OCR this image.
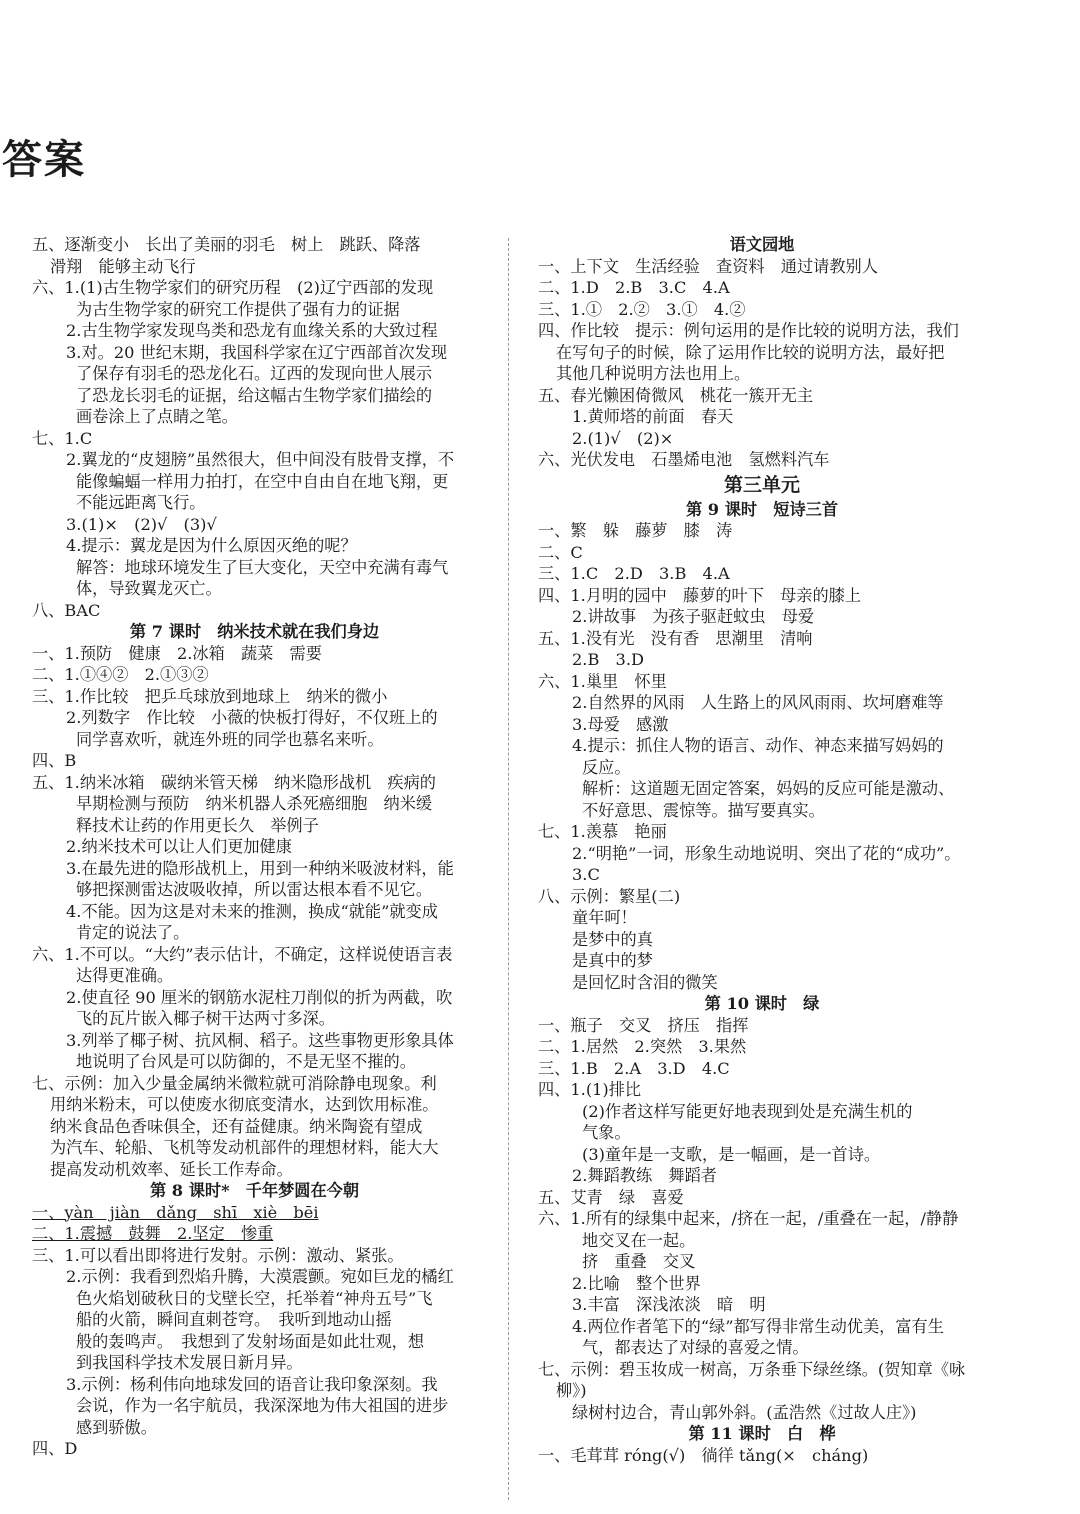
答案
五、逐渐变小　长出了美丽的羽毛　树上　跳跃、降落
滑翔　能够主动飞行
六、1.(1)古生物学家们的研究历程　(2)辽宁西部的发现
为古生物学家的研究工作提供了强有力的证据
2.古生物学家发现鸟类和恐龙有血缘关系的大致过程
3.对。20 世纪末期，我国科学家在辽宁西部首次发现
了保存有羽毛的恐龙化石。辽西的发现向世人展示
了恐龙长羽毛的证据，给这幅古生物学家们描绘的
画卷涂上了点睛之笔。
七、1.C
2.翼龙的“皮翅膀”虽然很大，但中间没有肢骨支撑，不
能像蝙蝠一样用力拍打，在空中自由自在地飞翔，更
不能远距离飞行。
3.(1)×　(2)√　(3)√
4.提示：翼龙是因为什么原因灭绝的呢？
解答：地球环境发生了巨大变化，天空中充满有毒气
体，导致翼龙灭亡。
八、BAC
第 7 课时　纳米技术就在我们身边
一、1.预防　健康　2.冰箱　蔬菜　需要
二、1.①④②　2.①③②
三、1.作比较　把乒乓球放到地球上　纳米的微小
2.列数字　作比较　小薇的快板打得好，不仅班上的
同学喜欢听，就连外班的同学也慕名来听。
四、B
五、1.纳米冰箱　碳纳米管天梯　纳米隐形战机　疾病的
早期检测与预防　纳米机器人杀死癌细胞　纳米缓
释技术让药的作用更长久　举例子
2.纳米技术可以让人们更加健康
3.在最先进的隐形战机上，用到一种纳米吸波材料，能
够把探测雷达波吸收掉，所以雷达根本看不见它。
4.不能。因为这是对未来的推测，换成“就能”就变成
肯定的说法了。
六、1.不可以。“大约”表示估计，不确定，这样说使语言表
达得更准确。
2.使直径 90 厘米的钢筋水泥柱刀削似的折为两截，吹
飞的瓦片嵌入椰子树干达两寸多深。
3.列举了椰子树、抗风桐、稻子。这些事物更形象具体
地说明了台风是可以防御的，不是无坚不摧的。
七、示例：加入少量金属纳米微粒就可消除静电现象。利
用纳米粉末，可以使废水彻底变清水，达到饮用标准。
纳米食品色香味俱全，还有益健康。纳米陶瓷有望成
为汽车、轮船、飞机等发动机部件的理想材料，能大大
提高发动机效率、延长工作寿命。
第 8 课时*　千年梦圆在今朝
一、yàn　jiàn　dǎng　shī　xiè　bēi
二、1.震撼　鼓舞　2.坚定　惨重
三、1.可以看出即将进行发射。示例：激动、紧张。
2.示例：我看到烈焰升腾，大漠震颤。宛如巨龙的橘红
色火焰划破秋日的戈壁长空，托举着“神舟五号”飞
船的火箭，瞬间直刺苍穹。　我听到地动山摇
般的轰鸣声。　我想到了发射场面是如此壮观，想
到我国科学技术发展日新月异。
3.示例：杨利伟向地球发回的语音让我印象深刻。我
会说，作为一名宇航员，我深深地为伟大祖国的进步
感到骄傲。
四、D
语文园地
一、上下文　生活经验　查资料　通过请教别人
二、1.D　2.B　3.C　4.A
三、1.①　2.②　3.①　4.②
四、作比较　提示：例句运用的是作比较的说明方法，我们
在写句子的时候，除了运用作比较的说明方法，最好把
其他几种说明方法也用上。
五、春光懒困倚微风　桃花一簇开无主
1.黄师塔的前面　春天
2.(1)√　(2)×
六、光伏发电　石墨烯电池　氢燃料汽车
第三单元
第 9 课时　短诗三首
一、繁　躲　藤萝　膝　涛
二、C
三、1.C　2.D　3.B　4.A
四、1.月明的园中　藤萝的叶下　母亲的膝上
2.讲故事　为孩子驱赶蚊虫　母爱
五、1.没有光　没有香　思潮里　清响
2.B　3.D
六、1.巢里　怀里
2.自然界的风雨　人生路上的风风雨雨、坎坷磨难等
3.母爱　感激
4.提示：抓住人物的语言、动作、神态来描写妈妈的
反应。
解析：这道题无固定答案，妈妈的反应可能是激动、
不好意思、震惊等。描写要真实。
七、1.羡慕　艳丽
2.“明艳”一词，形象生动地说明、突出了花的“成功”。
3.C
八、示例：繁星(二)
童年呵！
是梦中的真
是真中的梦
是回忆时含泪的微笑
第 10 课时　绿
一、瓶子　交叉　挤压　指挥
二、1.居然　2.突然　3.果然
三、1.B　2.A　3.D　4.C
四、1.(1)排比
(2)作者这样写能更好地表现到处是充满生机的
气象。
(3)童年是一支歌，是一幅画，是一首诗。
2.舞蹈教练　舞蹈者
五、艾青　绿　喜爱
六、1.所有的绿集中起来，/挤在一起，/重叠在一起，/静静
地交叉在一起。
挤　重叠　交叉
2.比喻　整个世界
3.丰富　深浅浓淡　暗　明
4.两位作者笔下的“绿”都写得非常生动优美，富有生
气，都表达了对绿的喜爱之情。
七、示例：碧玉妆成一树高，万条垂下绿丝绦。(贺知章《咏
柳》)
绿树村边合，青山郭外斜。(孟浩然《过故人庄》)
第 11 课时　白　桦
一、毛茸茸 róng(√)　徜徉 tǎng(×　cháng)
